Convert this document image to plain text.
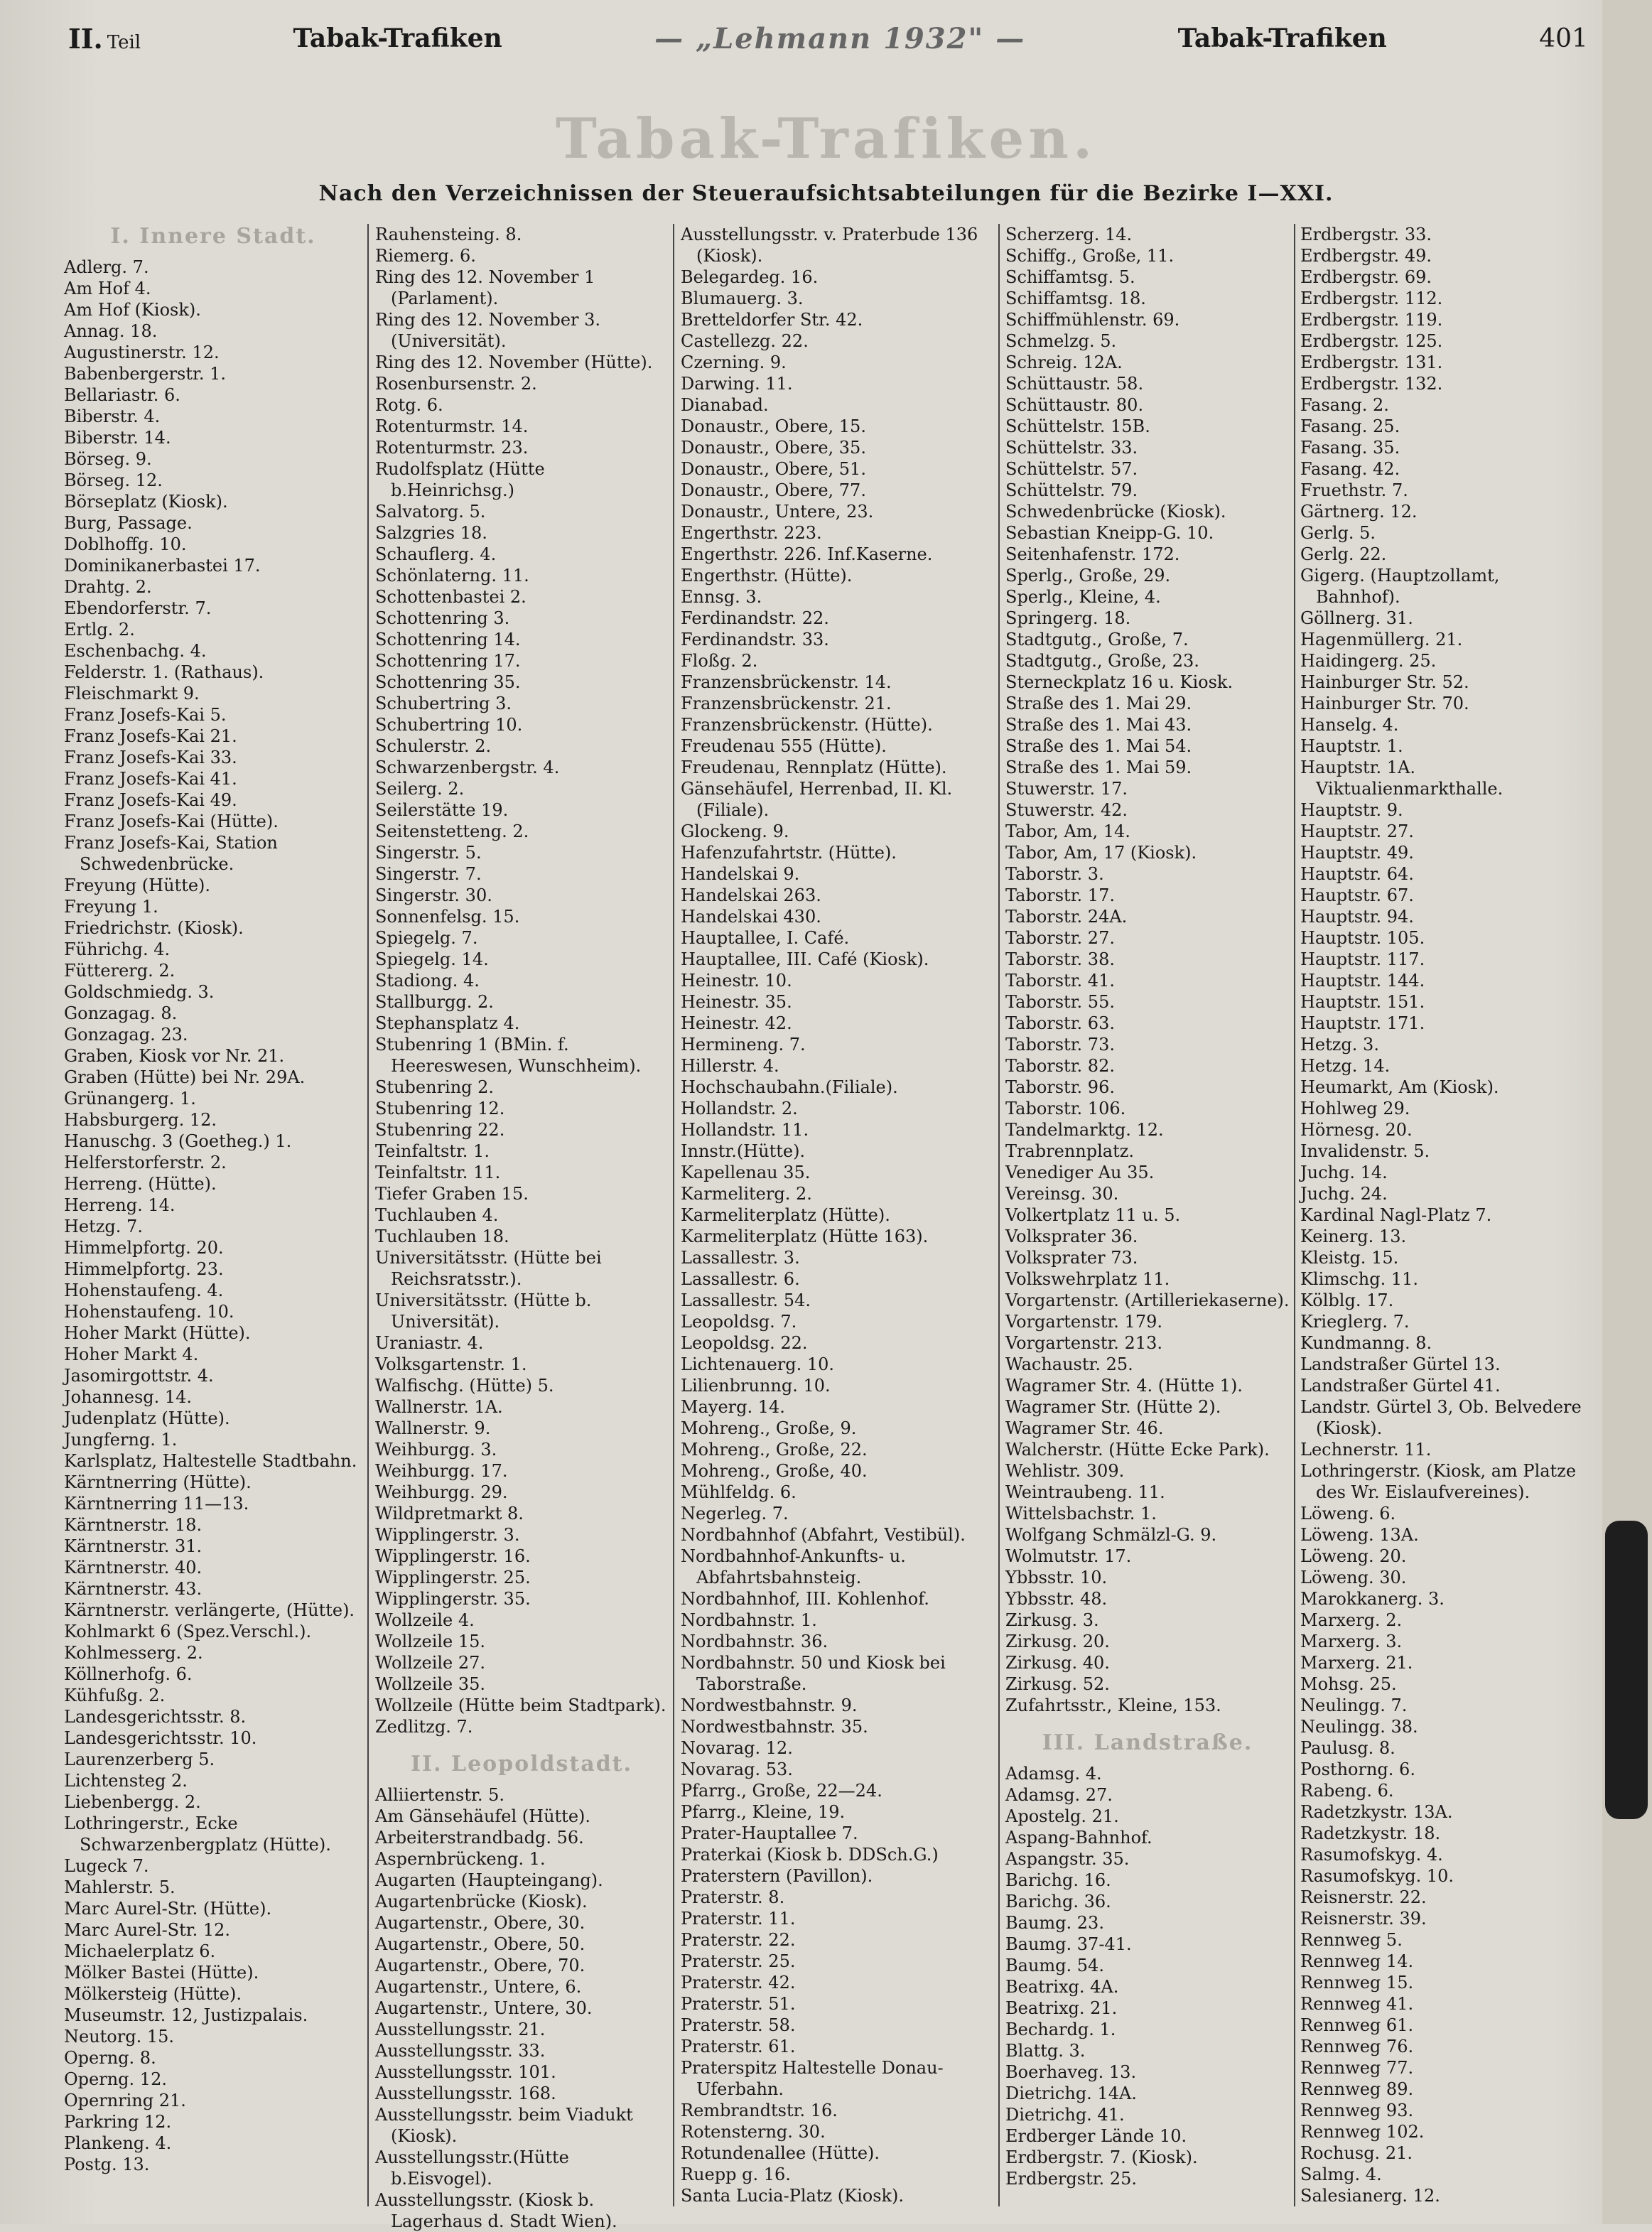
II. Teil	Tabak-Trafiken	— „Lehmann 1932" —	Tabak-Trafiken	401
Tabak-Trafiken.
Nach den Verzeichnissen der Steueraufsichtsabteilungen für die Bezirke I—XXI.
I. Innere Stadt.
Adlerg. 7.
Am Hof 4.
Am Hof (Kiosk).
Annag. 18.
Augustinerstr. 12.
Babenbergerstr. 1.
Bellariastr. 6.
Biberstr. 4.
Biberstr. 14.
Börseg. 9.
Börseg. 12.
Börseplatz (Kiosk).
Burg, Passage.
Doblhoffg. 10.
Dominikanerbastei 17.
Drahtg. 2.
Ebendorferstr. 7.
Ertlg. 2.
Eschenbachg. 4.
Felderstr. 1. (Rathaus).
Fleischmarkt 9.
Franz Josefs-Kai 5.
Franz Josefs-Kai 21.
Franz Josefs-Kai 33.
Franz Josefs-Kai 41.
Franz Josefs-Kai 49.
Franz Josefs-Kai (Hütte).
Franz Josefs-Kai, Station Schwedenbrücke.
Freyung (Hütte).
Freyung 1.
Friedrichstr. (Kiosk).
Führichg. 4.
Füttererg. 2.
Goldschmiedg. 3.
Gonzagag. 8.
Gonzagag. 23.
Graben, Kiosk vor Nr. 21.
Graben (Hütte) bei Nr. 29A.
Grünangerg. 1.
Habsburgerg. 12.
Hanuschg. 3 (Goetheg.) 1.
Helferstorferstr. 2.
Herreng. (Hütte).
Herreng. 14.
Hetzg. 7.
Himmelpfortg. 20.
Himmelpfortg. 23.
Hohenstaufeng. 4.
Hohenstaufeng. 10.
Hoher Markt (Hütte).
Hoher Markt 4.
Jasomirgottstr. 4.
Johannesg. 14.
Judenplatz (Hütte).
Jungferng. 1.
Karlsplatz, Haltestelle Stadtbahn.
Kärntnerring (Hütte).
Kärntnerring 11—13.
Kärntnerstr. 18.
Kärntnerstr. 31.
Kärntnerstr. 40.
Kärntnerstr. 43.
Kärntnerstr. verlängerte, (Hütte).
Kohlmarkt 6 (Spez.Verschl.).
Kohlmesserg. 2.
Köllnerhofg. 6.
Kühfußg. 2.
Landesgerichtsstr. 8.
Landesgerichtsstr. 10.
Laurenzerberg 5.
Lichtensteg 2.
Liebenbergg. 2.
Lothringerstr., Ecke Schwarzenbergplatz (Hütte).
Lugeck 7.
Mahlerstr. 5.
Marc Aurel-Str. (Hütte).
Marc Aurel-Str. 12.
Michaelerplatz 6.
Mölker Bastei (Hütte).
Mölkersteig (Hütte).
Museumstr. 12, Justizpalais.
Neutorg. 15.
Operng. 8.
Operng. 12.
Opernring 21.
Parkring 12.
Plankeng. 4.
Postg. 13.
Rauhensteing. 8.
Riemerg. 6.
Ring des 12. November 1 (Parlament).
Ring des 12. November 3. (Universität).
Ring des 12. November (Hütte).
Rosenbursenstr. 2.
Rotg. 6.
Rotenturmstr. 14.
Rotenturmstr. 23.
Rudolfsplatz (Hütte b.Heinrichsg.)
Salvatorg. 5.
Salzgries 18.
Schauflerg. 4.
Schönlaterng. 11.
Schottenbastei 2.
Schottenring 3.
Schottenring 14.
Schottenring 17.
Schottenring 35.
Schubertring 3.
Schubertring 10.
Schulerstr. 2.
Schwarzenbergstr. 4.
Seilerg. 2.
Seilerstätte 19.
Seitenstetteng. 2.
Singerstr. 5.
Singerstr. 7.
Singerstr. 30.
Sonnenfelsg. 15.
Spiegelg. 7.
Spiegelg. 14.
Stadiong. 4.
Stallburgg. 2.
Stephansplatz 4.
Stubenring 1 (BMin. f. Heereswesen, Wunschheim).
Stubenring 2.
Stubenring 12.
Stubenring 22.
Teinfaltstr. 1.
Teinfaltstr. 11.
Tiefer Graben 15.
Tuchlauben 4.
Tuchlauben 18.
Universitätsstr. (Hütte bei Reichsratsstr.).
Universitätsstr. (Hütte b. Universität).
Uraniastr. 4.
Volksgartenstr. 1.
Walfischg. (Hütte) 5.
Wallnerstr. 1A.
Wallnerstr. 9.
Weihburgg. 3.
Weihburgg. 17.
Weihburgg. 29.
Wildpretmarkt 8.
Wipplingerstr. 3.
Wipplingerstr. 16.
Wipplingerstr. 25.
Wipplingerstr. 35.
Wollzeile 4.
Wollzeile 15.
Wollzeile 27.
Wollzeile 35.
Wollzeile (Hütte beim Stadtpark).
Zedlitzg. 7.
II. Leopoldstadt.
Alliiertenstr. 5.
Am Gänsehäufel (Hütte).
Arbeiterstrandbadg. 56.
Aspernbrückeng. 1.
Augarten (Haupteingang).
Augartenbrücke (Kiosk).
Augartenstr., Obere, 30.
Augartenstr., Obere, 50.
Augartenstr., Obere, 70.
Augartenstr., Untere, 6.
Augartenstr., Untere, 30.
Ausstellungsstr. 21.
Ausstellungsstr. 33.
Ausstellungsstr. 101.
Ausstellungsstr. 168.
Ausstellungsstr. beim Viadukt (Kiosk).
Ausstellungsstr.(Hütte b.Eisvogel).
Ausstellungsstr. (Kiosk b. Lagerhaus d. Stadt Wien).
Ausstellungsstr. v. Praterbude 136 (Kiosk).
Belegardeg. 16.
Blumauerg. 3.
Bretteldorfer Str. 42.
Castellezg. 22.
Czerning. 9.
Darwing. 11.
Dianabad.
Donaustr., Obere, 15.
Donaustr., Obere, 35.
Donaustr., Obere, 51.
Donaustr., Obere, 77.
Donaustr., Untere, 23.
Engerthstr. 223.
Engerthstr. 226. Inf.Kaserne.
Engerthstr. (Hütte).
Ennsg. 3.
Ferdinandstr. 22.
Ferdinandstr. 33.
Floßg. 2.
Franzensbrückenstr. 14.
Franzensbrückenstr. 21.
Franzensbrückenstr. (Hütte).
Freudenau 555 (Hütte).
Freudenau, Rennplatz (Hütte).
Gänsehäufel, Herrenbad, II. Kl. (Filiale).
Glockeng. 9.
Hafenzufahrtstr. (Hütte).
Handelskai 9.
Handelskai 263.
Handelskai 430.
Hauptallee, I. Café.
Hauptallee, III. Café (Kiosk).
Heinestr. 10.
Heinestr. 35.
Heinestr. 42.
Hermineng. 7.
Hillerstr. 4.
Hochschaubahn.(Filiale).
Hollandstr. 2.
Hollandstr. 11.
Innstr.(Hütte).
Kapellenau 35.
Karmeliterg. 2.
Karmeliterplatz (Hütte).
Karmeliterplatz (Hütte 163).
Lassallestr. 3.
Lassallestr. 6.
Lassallestr. 54.
Leopoldsg. 7.
Leopoldsg. 22.
Lichtenauerg. 10.
Lilienbrunng. 10.
Mayerg. 14.
Mohreng., Große, 9.
Mohreng., Große, 22.
Mohreng., Große, 40.
Mühlfeldg. 6.
Negerleg. 7.
Nordbahnhof (Abfahrt, Vestibül).
Nordbahnhof-Ankunfts- u. Abfahrtsbahnsteig.
Nordbahnhof, III. Kohlenhof.
Nordbahnstr. 1.
Nordbahnstr. 36.
Nordbahnstr. 50 und Kiosk bei Taborstraße.
Nordwestbahnstr. 9.
Nordwestbahnstr. 35.
Novarag. 12.
Novarag. 53.
Pfarrg., Große, 22—24.
Pfarrg., Kleine, 19.
Prater-Hauptallee 7.
Praterkai (Kiosk b. DDSch.G.)
Praterstern (Pavillon).
Praterstr. 8.
Praterstr. 11.
Praterstr. 22.
Praterstr. 25.
Praterstr. 42.
Praterstr. 51.
Praterstr. 58.
Praterstr. 61.
Praterspitz Haltestelle Donau-Uferbahn.
Rembrandtstr. 16.
Rotensterng. 30.
Rotundenallee (Hütte).
Ruepp g. 16.
Santa Lucia-Platz (Kiosk).
Scherzerg. 14.
Schiffg., Große, 11.
Schiffamtsg. 5.
Schiffamtsg. 18.
Schiffmühlenstr. 69.
Schmelzg. 5.
Schreig. 12A.
Schüttaustr. 58.
Schüttaustr. 80.
Schüttelstr. 15B.
Schüttelstr. 33.
Schüttelstr. 57.
Schüttelstr. 79.
Schwedenbrücke (Kiosk).
Sebastian Kneipp-G. 10.
Seitenhafenstr. 172.
Sperlg., Große, 29.
Sperlg., Kleine, 4.
Springerg. 18.
Stadtgutg., Große, 7.
Stadtgutg., Große, 23.
Sterneckplatz 16 u. Kiosk.
Straße des 1. Mai 29.
Straße des 1. Mai 43.
Straße des 1. Mai 54.
Straße des 1. Mai 59.
Stuwerstr. 17.
Stuwerstr. 42.
Tabor, Am, 14.
Tabor, Am, 17 (Kiosk).
Taborstr. 3.
Taborstr. 17.
Taborstr. 24A.
Taborstr. 27.
Taborstr. 38.
Taborstr. 41.
Taborstr. 55.
Taborstr. 63.
Taborstr. 73.
Taborstr. 82.
Taborstr. 96.
Taborstr. 106.
Tandelmarktg. 12.
Trabrennplatz.
Venediger Au 35.
Vereinsg. 30.
Volkertplatz 11 u. 5.
Volksprater 36.
Volksprater 73.
Volkswehrplatz 11.
Vorgartenstr. (Artilleriekaserne).
Vorgartenstr. 179.
Vorgartenstr. 213.
Wachaustr. 25.
Wagramer Str. 4. (Hütte 1).
Wagramer Str. (Hütte 2).
Wagramer Str. 46.
Walcherstr. (Hütte Ecke Park).
Wehlistr. 309.
Weintraubeng. 11.
Wittelsbachstr. 1.
Wolfgang Schmälzl-G. 9.
Wolmutstr. 17.
Ybbsstr. 10.
Ybbsstr. 48.
Zirkusg. 3.
Zirkusg. 20.
Zirkusg. 40.
Zirkusg. 52.
Zufahrtsstr., Kleine, 153.
III. Landstraße.
Adamsg. 4.
Adamsg. 27.
Apostelg. 21.
Aspang-Bahnhof.
Aspangstr. 35.
Barichg. 16.
Barichg. 36.
Baumg. 23.
Baumg. 37-41.
Baumg. 54.
Beatrixg. 4A.
Beatrixg. 21.
Bechardg. 1.
Blattg. 3.
Boerhaveg. 13.
Dietrichg. 14A.
Dietrichg. 41.
Erdberger Lände 10.
Erdbergstr. 7. (Kiosk).
Erdbergstr. 25.
Erdbergstr. 33.
Erdbergstr. 49.
Erdbergstr. 69.
Erdbergstr. 112.
Erdbergstr. 119.
Erdbergstr. 125.
Erdbergstr. 131.
Erdbergstr. 132.
Fasang. 2.
Fasang. 25.
Fasang. 35.
Fasang. 42.
Fruethstr. 7.
Gärtnerg. 12.
Gerlg. 5.
Gerlg. 22.
Gigerg. (Hauptzollamt, Bahnhof).
Göllnerg. 31.
Hagenmüllerg. 21.
Haidingerg. 25.
Hainburger Str. 52.
Hainburger Str. 70.
Hanselg. 4.
Hauptstr. 1.
Hauptstr. 1A. Viktualienmarkthalle.
Hauptstr. 9.
Hauptstr. 27.
Hauptstr. 49.
Hauptstr. 64.
Hauptstr. 67.
Hauptstr. 94.
Hauptstr. 105.
Hauptstr. 117.
Hauptstr. 144.
Hauptstr. 151.
Hauptstr. 171.
Hetzg. 3.
Hetzg. 14.
Heumarkt, Am (Kiosk).
Hohlweg 29.
Hörnesg. 20.
Invalidenstr. 5.
Juchg. 14.
Juchg. 24.
Kardinal Nagl-Platz 7.
Keinerg. 13.
Kleistg. 15.
Klimschg. 11.
Kölblg. 17.
Krieglerg. 7.
Kundmanng. 8.
Landstraßer Gürtel 13.
Landstraßer Gürtel 41.
Landstr. Gürtel 3, Ob. Belvedere (Kiosk).
Lechnerstr. 11.
Lothringerstr. (Kiosk, am Platze des Wr. Eislaufvereines).
Löweng. 6.
Löweng. 13A.
Löweng. 20.
Löweng. 30.
Marokkanerg. 3.
Marxerg. 2.
Marxerg. 3.
Marxerg. 21.
Mohsg. 25.
Neulingg. 7.
Neulingg. 38.
Paulusg. 8.
Posthorng. 6.
Rabeng. 6.
Radetzkystr. 13A.
Radetzkystr. 18.
Rasumofskyg. 4.
Rasumofskyg. 10.
Reisnerstr. 22.
Reisnerstr. 39.
Rennweg 5.
Rennweg 14.
Rennweg 15.
Rennweg 41.
Rennweg 61.
Rennweg 76.
Rennweg 77.
Rennweg 89.
Rennweg 93.
Rennweg 102.
Rochusg. 21.
Salmg. 4.
Salesianerg. 12.
